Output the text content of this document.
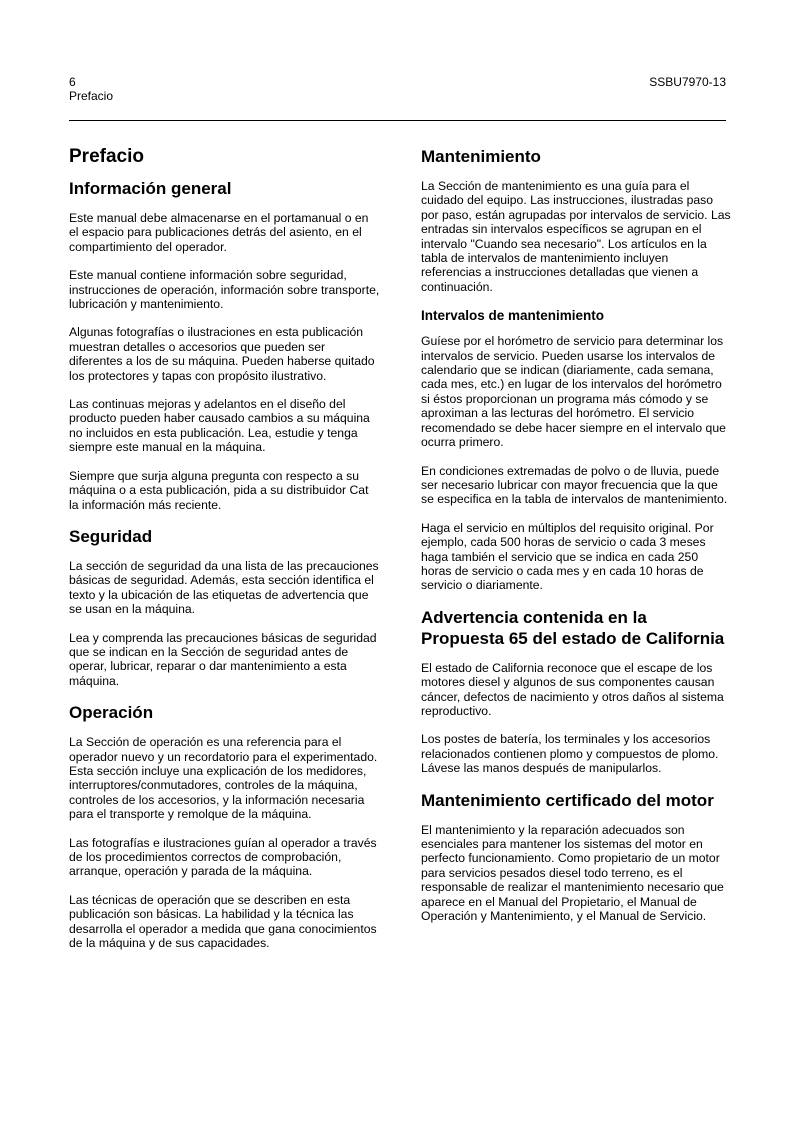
6
Prefacio
SSBU7970-13
Prefacio
Información general

Este manual debe almacenarse en el portamanual o en el espacio para publicaciones detrás del asiento, en el compartimiento del operador.

Este manual contiene información sobre seguridad, instrucciones de operación, información sobre transporte, lubricación y mantenimiento.

Algunas fotografías o ilustraciones en esta publicación muestran detalles o accesorios que pueden ser diferentes a los de su máquina. Pueden haberse quitado los protectores y tapas con propósito ilustrativo.

Las continuas mejoras y adelantos en el diseño del producto pueden haber causado cambios a su máquina no incluidos en esta publicación. Lea, estudie y tenga siempre este manual en la máquina.

Siempre que surja alguna pregunta con respecto a su máquina o a esta publicación, pida a su distribuidor Cat la información más reciente.

Seguridad

La sección de seguridad da una lista de las precauciones básicas de seguridad. Además, esta sección identifica el texto y la ubicación de las etiquetas de advertencia que se usan en la máquina.

Lea y comprenda las precauciones básicas de seguridad que se indican en la Sección de seguridad antes de operar, lubricar, reparar o dar mantenimiento a esta máquina.

Operación

La Sección de operación es una referencia para el operador nuevo y un recordatorio para el experimentado. Esta sección incluye una explicación de los medidores, interruptores/conmutadores, controles de la máquina, controles de los accesorios, y la información necesaria para el transporte y remolque de la máquina.

Las fotografías e ilustraciones guían al operador a través de los procedimientos correctos de comprobación, arranque, operación y parada de la máquina.

Las técnicas de operación que se describen en esta publicación son básicas. La habilidad y la técnica las desarrolla el operador a medida que gana conocimientos de la máquina y de sus capacidades.

Mantenimiento

La Sección de mantenimiento es una guía para el cuidado del equipo. Las instrucciones, ilustradas paso por paso, están agrupadas por intervalos de servicio. Las entradas sin intervalos específicos se agrupan en el intervalo "Cuando sea necesario". Los artículos en la tabla de intervalos de mantenimiento incluyen referencias a instrucciones detalladas que vienen a continuación.

Intervalos de mantenimiento

Guíese por el horómetro de servicio para determinar los intervalos de servicio. Pueden usarse los intervalos de calendario que se indican (diariamente, cada semana, cada mes, etc.) en lugar de los intervalos del horómetro si éstos proporcionan un programa más cómodo y se aproximan a las lecturas del horómetro. El servicio recomendado se debe hacer siempre en el intervalo que ocurra primero.

En condiciones extremadas de polvo o de lluvia, puede ser necesario lubricar con mayor frecuencia que la que se especifica en la tabla de intervalos de mantenimiento.

Haga el servicio en múltiplos del requisito original. Por ejemplo, cada 500 horas de servicio o cada 3 meses haga también el servicio que se indica en cada 250 horas de servicio o cada mes y en cada 10 horas de servicio o diariamente.

Advertencia contenida en la Propuesta 65 del estado de California

El estado de California reconoce que el escape de los motores diesel y algunos de sus componentes causan cáncer, defectos de nacimiento y otros daños al sistema reproductivo.

Los postes de batería, los terminales y los accesorios relacionados contienen plomo y compuestos de plomo. Lávese las manos después de manipularlos.

Mantenimiento certificado del motor

El mantenimiento y la reparación adecuados son esenciales para mantener los sistemas del motor en perfecto funcionamiento. Como propietario de un motor para servicios pesados diesel todo terreno, es el responsable de realizar el mantenimiento necesario que aparece en el Manual del Propietario, el Manual de Operación y Mantenimiento, y el Manual de Servicio.
